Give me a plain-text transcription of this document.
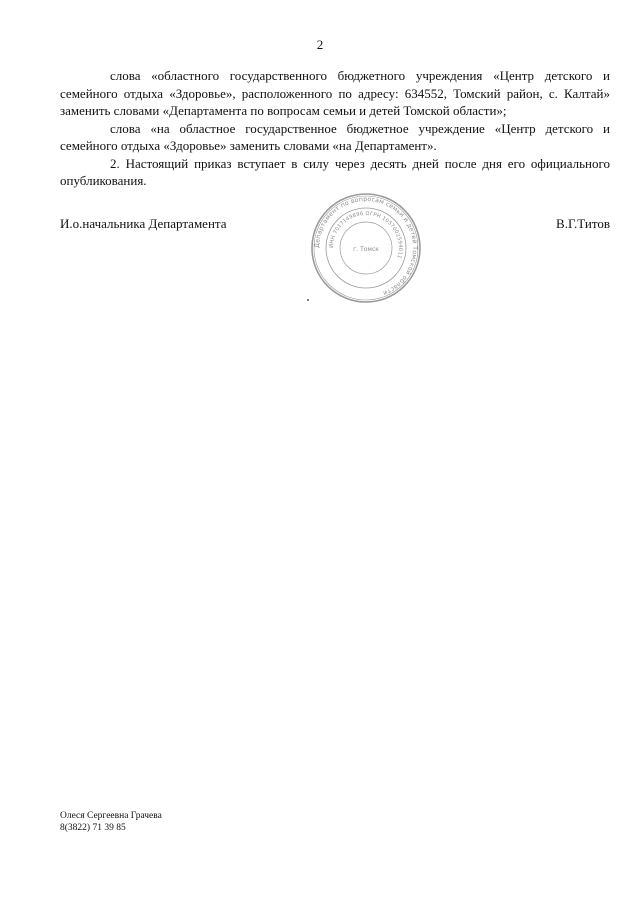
2

слова «областного государственного бюджетного учреждения «Центр детского и семейного отдыха «Здоровье», расположенного по адресу: 634552, Томский район, с. Калтай» заменить словами «Департамента по вопросам семьи и детей Томской области»;

слова «на областное государственное бюджетное учреждение «Центр детского и семейного отдыха «Здоровье» заменить словами «на Департамент».

2. Настоящий приказ вступает в силу через десять дней после дня его официального опубликования.

И.о.начальника Департамента	В.Г.Титов
Департамент по вопросам семьи и детей Томской области
ИНН 7017149896 ОГРН 1057002594011
г. Томск
Олеся Сергеевна Грачева
8(3822) 71 39 85
